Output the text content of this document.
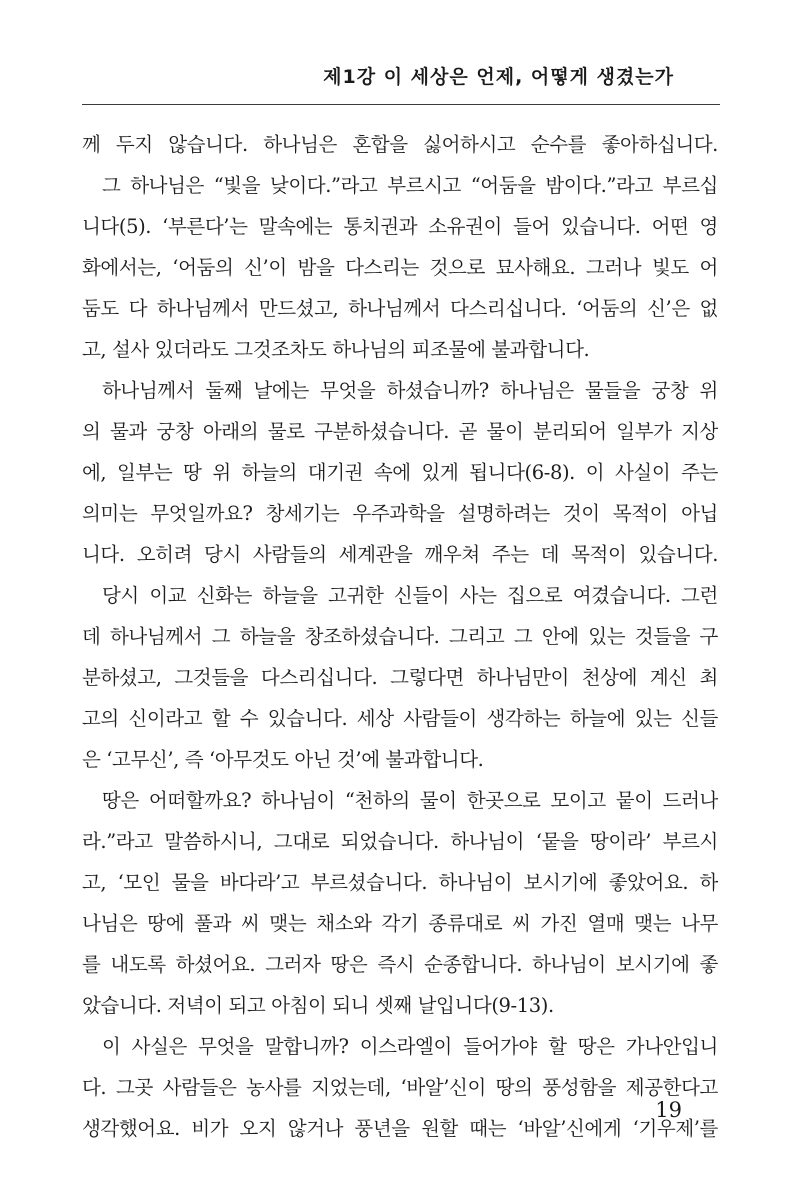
제1강 이 세상은 언제, 어떻게 생겼는가
께 두지 않습니다. 하나님은 혼합을 싫어하시고 순수를 좋아하십니다.
그 하나님은 “빛을 낮이다.”라고 부르시고 “어둠을 밤이다.”라고 부르십
니다(5). ‘부른다’는 말속에는 통치권과 소유권이 들어 있습니다. 어떤 영
화에서는, ‘어둠의 신’이 밤을 다스리는 것으로 묘사해요. 그러나 빛도 어
둠도 다 하나님께서 만드셨고, 하나님께서 다스리십니다. ‘어둠의 신’은 없
고, 설사 있더라도 그것조차도 하나님의 피조물에 불과합니다.
하나님께서 둘째 날에는 무엇을 하셨습니까? 하나님은 물들을 궁창 위
의 물과 궁창 아래의 물로 구분하셨습니다. 곧 물이 분리되어 일부가 지상
에, 일부는 땅 위 하늘의 대기권 속에 있게 됩니다(6-8). 이 사실이 주는
의미는 무엇일까요? 창세기는 우주과학을 설명하려는 것이 목적이 아닙
니다. 오히려 당시 사람들의 세계관을 깨우쳐 주는 데 목적이 있습니다.
당시 이교 신화는 하늘을 고귀한 신들이 사는 집으로 여겼습니다. 그런
데 하나님께서 그 하늘을 창조하셨습니다. 그리고 그 안에 있는 것들을 구
분하셨고, 그것들을 다스리십니다. 그렇다면 하나님만이 천상에 계신 최
고의 신이라고 할 수 있습니다. 세상 사람들이 생각하는 하늘에 있는 신들
은 ‘고무신’, 즉 ‘아무것도 아닌 것’에 불과합니다.
땅은 어떠할까요? 하나님이 “천하의 물이 한곳으로 모이고 뭍이 드러나
라.”라고 말씀하시니, 그대로 되었습니다. 하나님이 ‘뭍을 땅이라’ 부르시
고, ‘모인 물을 바다라’고 부르셨습니다. 하나님이 보시기에 좋았어요. 하
나님은 땅에 풀과 씨 맺는 채소와 각기 종류대로 씨 가진 열매 맺는 나무
를 내도록 하셨어요. 그러자 땅은 즉시 순종합니다. 하나님이 보시기에 좋
았습니다. 저녁이 되고 아침이 되니 셋째 날입니다(9-13).
이 사실은 무엇을 말합니까? 이스라엘이 들어가야 할 땅은 가나안입니
다. 그곳 사람들은 농사를 지었는데, ‘바알’신이 땅의 풍성함을 제공한다고
생각했어요. 비가 오지 않거나 풍년을 원할 때는 ‘바알’신에게 ‘기우제’를
19
